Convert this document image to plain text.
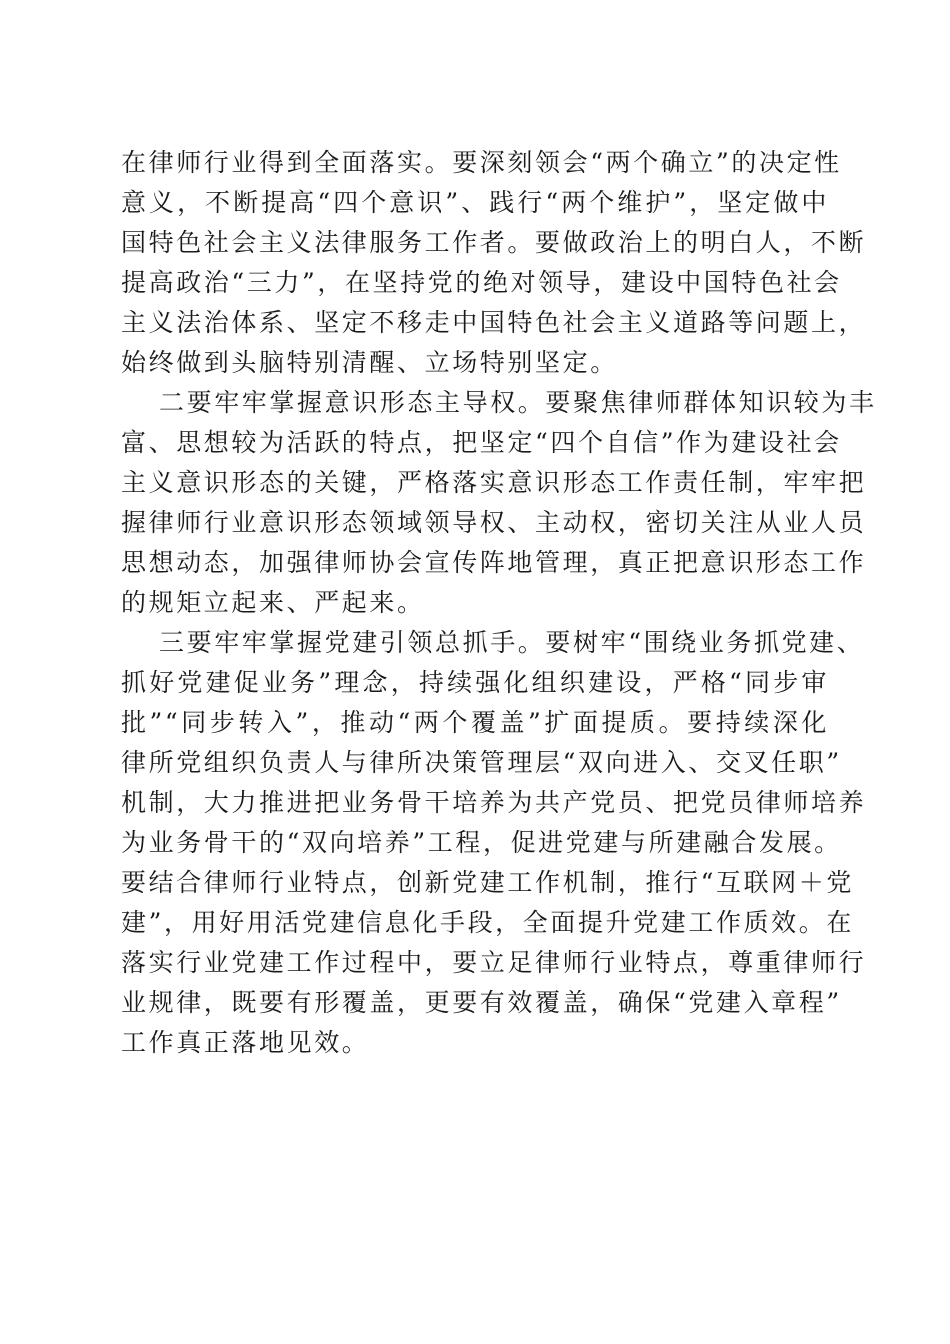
在律师行业得到全面落实。要深刻领会“两个确立”的决定性
意义，不断提高“四个意识”、践行“两个维护”，坚定做中
国特色社会主义法律服务工作者。要做政治上的明白人，不断
提高政治“三力”，在坚持党的绝对领导，建设中国特色社会
主义法治体系、坚定不移走中国特色社会主义道路等问题上，
始终做到头脑特别清醒、立场特别坚定。
二要牢牢掌握意识形态主导权。要聚焦律师群体知识较为丰
富、思想较为活跃的特点，把坚定“四个自信”作为建设社会
主义意识形态的关键，严格落实意识形态工作责任制，牢牢把
握律师行业意识形态领域领导权、主动权，密切关注从业人员
思想动态，加强律师协会宣传阵地管理，真正把意识形态工作
的规矩立起来、严起来。
三要牢牢掌握党建引领总抓手。要树牢“围绕业务抓党建、
抓好党建促业务”理念，持续强化组织建设，严格“同步审
批”“同步转入”，推动“两个覆盖”扩面提质。要持续深化
律所党组织负责人与律所决策管理层“双向进入、交叉任职”
机制，大力推进把业务骨干培养为共产党员、把党员律师培养
为业务骨干的“双向培养”工程，促进党建与所建融合发展。
要结合律师行业特点，创新党建工作机制，推行“互联网＋党
建”，用好用活党建信息化手段，全面提升党建工作质效。在
落实行业党建工作过程中，要立足律师行业特点，尊重律师行
业规律，既要有形覆盖，更要有效覆盖，确保“党建入章程”
工作真正落地见效。
